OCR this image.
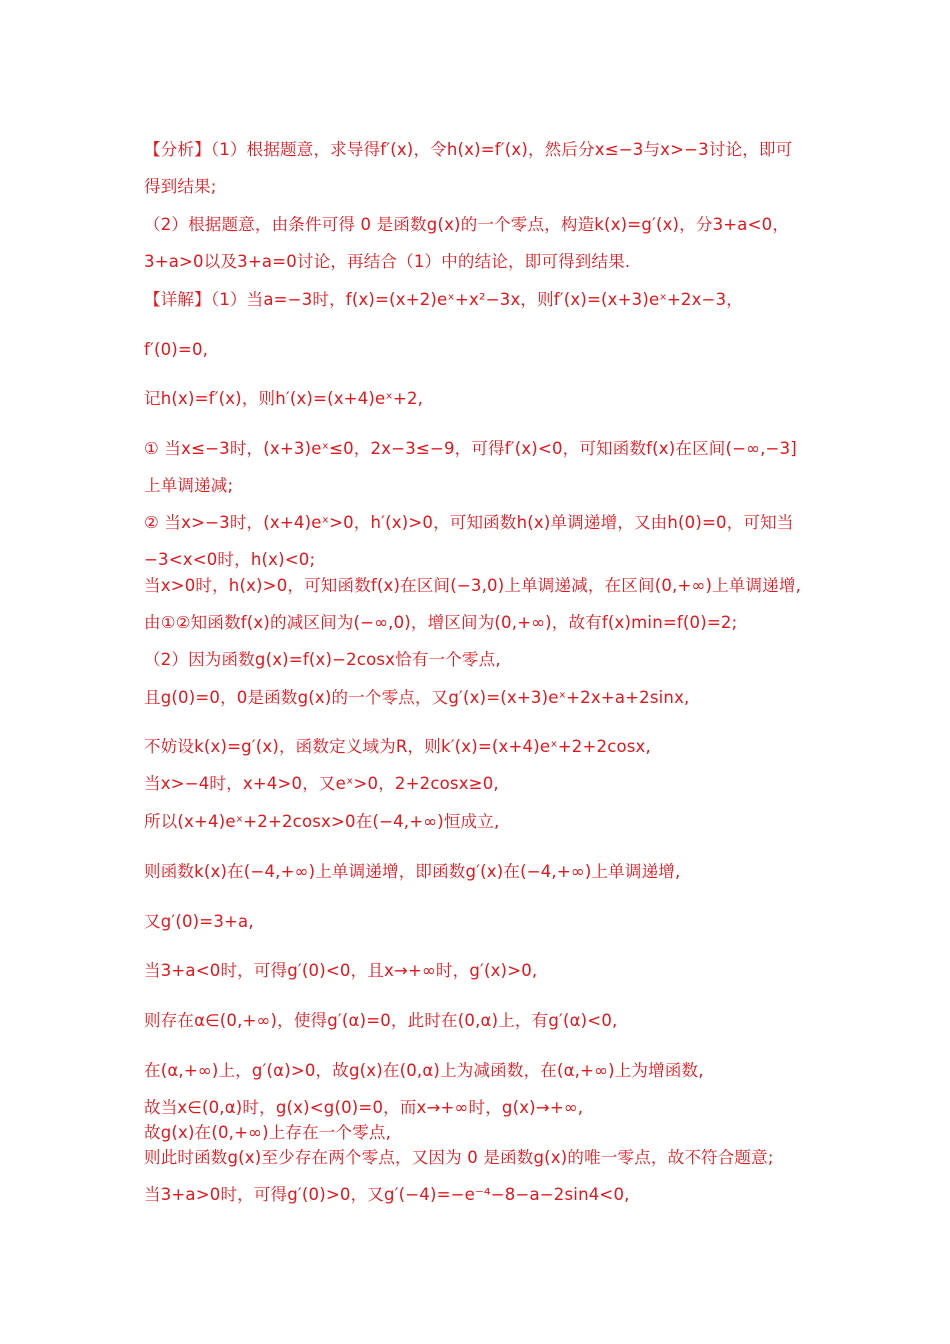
【分析】（1）根据题意，求导得f′(x)，令h(x)=f′(x)，然后分x≤−3与x>−3讨论，即可
得到结果;
（2）根据题意，由条件可得 0 是函数g(x)的一个零点，构造k(x)=g′(x)，分3+a<0，
3+a>0以及3+a=0讨论，再结合（1）中的结论，即可得到结果.
【详解】（1）当a=−3时，f(x)=(x+2)eˣ+x²−3x，则f′(x)=(x+3)eˣ+2x−3，
f′(0)=0,
记h(x)=f′(x)，则h′(x)=(x+4)eˣ+2,
① 当x≤−3时，(x+3)eˣ≤0，2x−3≤−9，可得f′(x)<0，可知函数f(x)在区间(−∞,−3]
上单调递减;
② 当x>−3时，(x+4)eˣ>0，h′(x)>0，可知函数h(x)单调递增，又由h(0)=0，可知当
−3<x<0时，h(x)<0;
当x>0时，h(x)>0，可知函数f(x)在区间(−3,0)上单调递减，在区间(0,+∞)上单调递增,
由①②知函数f(x)的减区间为(−∞,0)，增区间为(0,+∞)，故有f(x)min=f(0)=2;
（2）因为函数g(x)=f(x)−2cosx恰有一个零点,
且g(0)=0，0是函数g(x)的一个零点，又g′(x)=(x+3)eˣ+2x+a+2sinx,
不妨设k(x)=g′(x)，函数定义域为R，则k′(x)=(x+4)eˣ+2+2cosx,
当x>−4时，x+4>0，又eˣ>0，2+2cosx≥0,
所以(x+4)eˣ+2+2cosx>0在(−4,+∞)恒成立,
则函数k(x)在(−4,+∞)上单调递增，即函数g′(x)在(−4,+∞)上单调递增,
又g′(0)=3+a,
当3+a<0时，可得g′(0)<0，且x→+∞时，g′(x)>0,
则存在α∈(0,+∞)，使得g′(α)=0，此时在(0,α)上，有g′(α)<0,
在(α,+∞)上，g′(α)>0，故g(x)在(0,α)上为减函数，在(α,+∞)上为增函数,
故当x∈(0,α)时，g(x)<g(0)=0，而x→+∞时，g(x)→+∞,
故g(x)在(0,+∞)上存在一个零点,
则此时函数g(x)至少存在两个零点，又因为 0 是函数g(x)的唯一零点，故不符合题意;
当3+a>0时，可得g′(0)>0，又g′(−4)=−e⁻⁴−8−a−2sin4<0,
